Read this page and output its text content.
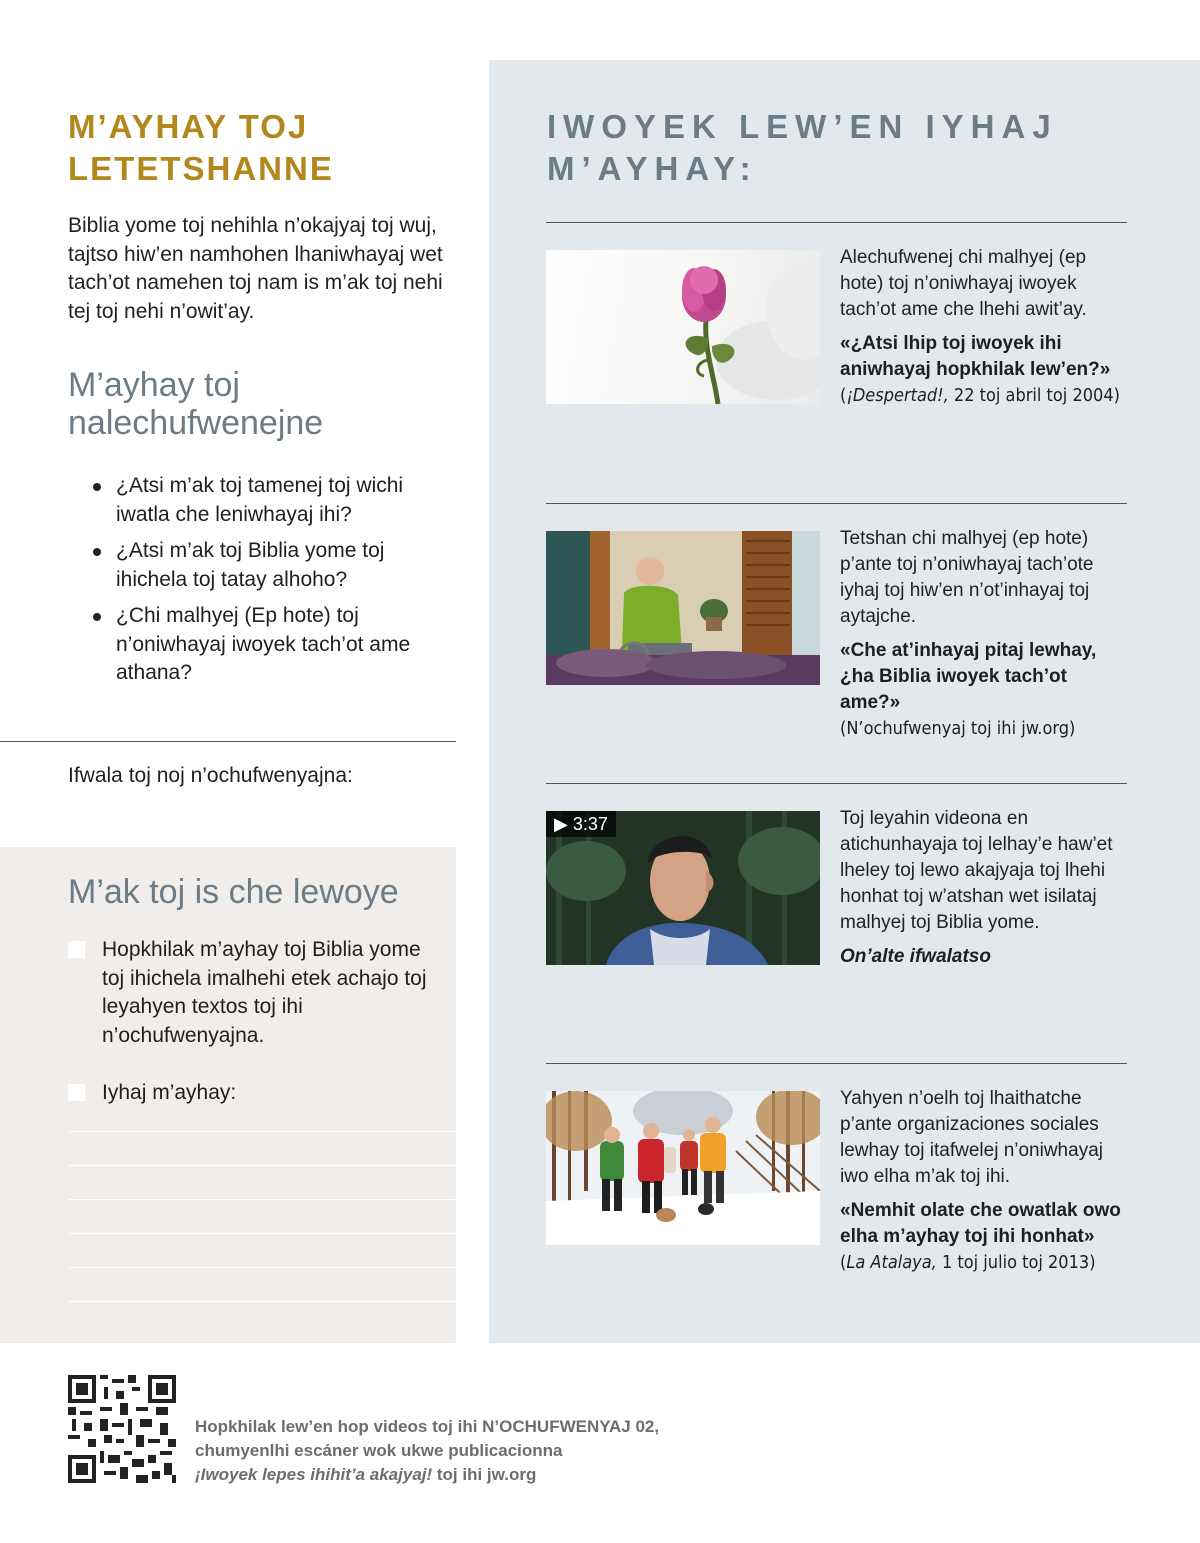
M’AYHAY TOJ LETETSHANNE
Biblia yome toj nehihla n’okajyaj toj wuj, tajtso hiw’en namhohen lhaniwhayaj wet tach’ot namehen toj nam is m’ak toj nehi tej toj nehi n’owit’ay.
M’ayhay toj nalechufwenejne
¿Atsi m’ak toj tamenej toj wichi iwatla che leniwhayaj ihi?
¿Atsi m’ak toj Biblia yome toj ihichela toj tatay alhoho?
¿Chi malhyej (Ep hote) toj n’oniwhayaj iwoyek tach’ot ame athana?
Ifwala toj noj n’ochufwenyajna:
M’ak toj is che lewoye
Hopkhilak m’ayhay toj Biblia yome toj ihichela imalhehi etek achajo toj leyahyen textos toj ihi n’ochufwenyajna.
Iyhaj m’ayhay:
IWOYEK LEW’EN IYHAJ M’AYHAY:
Alechufwenej chi malhyej (ep hote) toj n’oniwhayaj iwoyek tach’ot ame che lhehi awit’ay.
«¿Atsi lhip toj iwoyek ihi aniwhayaj hopkhilak lew’en?»
(¡Despertad!, 22 toj abril toj 2004)
Tetshan chi malhyej (ep hote) p’ante toj n’oniwhayaj tach’ote iyhaj toj hiw’en n’ot’inhayaj toj aytajche.
«Che at’inhayaj pitaj lewhay, ¿ha Biblia iwoyek tach’ot ame?»
(N’ochufwenyaj toj ihi jw.org)
▶ 3:37	Toj leyahin videona en atichunhayaja toj lelhay’e haw’et lheley toj lewo akajyaja toj lhehi honhat toj w’atshan wet isilataj malhyej toj Biblia yome.
On’alte ifwalatso
Yahyen n’oelh toj lhaithatche p’ante organizaciones sociales lewhay toj itafwelej n’oniwhayaj iwo elha m’ak toj ihi.
«Nemhit olate che owatlak owo elha m’ayhay toj ihi honhat»
(La Atalaya, 1 toj julio toj 2013)
Hopkhilak lew’en hop videos toj ihi N’OCHUFWENYAJ 02,
chumyenlhi escáner wok ukwe publicacionna
¡Iwoyek lepes ihihit’a akajyaj! toj ihi jw.org
